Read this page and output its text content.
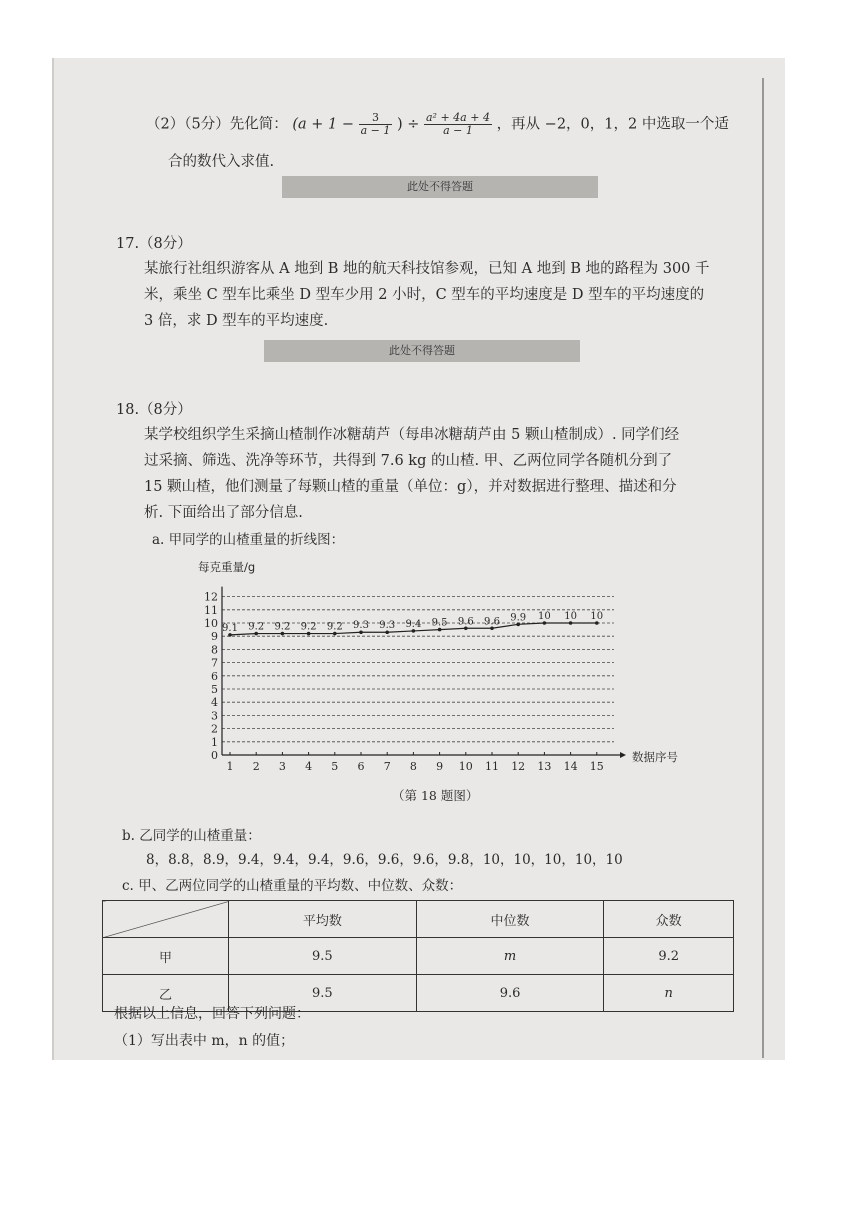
（2）（5分）先化简： ($a + 1 - \frac{3}{a - 1}$ ) ÷ $\frac{\text{a² + 4a + 4}}{a - 1}$ ，再从 −2，0，1，2 中选取一个适
合的数代入求值.
此处不得答题
17.（8分）
某旅行社组织游客从 A 地到 B 地的航天科技馆参观，已知 A 地到 B 地的路程为 300 千
米，乘坐 C 型车比乘坐 D 型车少用 2 小时，C 型车的平均速度是 D 型车的平均速度的
3 倍，求 D 型车的平均速度.
此处不得答题
18.（8分）
某学校组织学生采摘山楂制作冰糖葫芦（每串冰糖葫芦由 5 颗山楂制成）. 同学们经
过采摘、筛选、洗净等环节，共得到 7.6 kg 的山楂. 甲、乙两位同学各随机分到了
15 颗山楂，他们测量了每颗山楂的重量（单位：g），并对数据进行整理、描述和分
析. 下面给出了部分信息.
a. 甲同学的山楂重量的折线图：
每克重量/g
0
1
2
3
4
5
6
7
8
9
10
11
12
1 2 3 4 5 6 7 8 9 10 11 12 13 14 15
数据序号
9.1 9.2 9.2 9.2 9.2 9.3 9.3 9.4 9.5 9.6 9.6 9.9 10 10 10
（第 18 题图）
b. 乙同学的山楂重量：
8，8.8，8.9，9.4，9.4，9.4，9.6，9.6，9.6，9.8，10，10，10，10，10
c. 甲、乙两位同学的山楂重量的平均数、中位数、众数：
	平均数	中位数	众数
甲	9.5	m	9.2
乙	9.5	9.6	n
根据以上信息，回答下列问题：
（1）写出表中 m，n 的值；
